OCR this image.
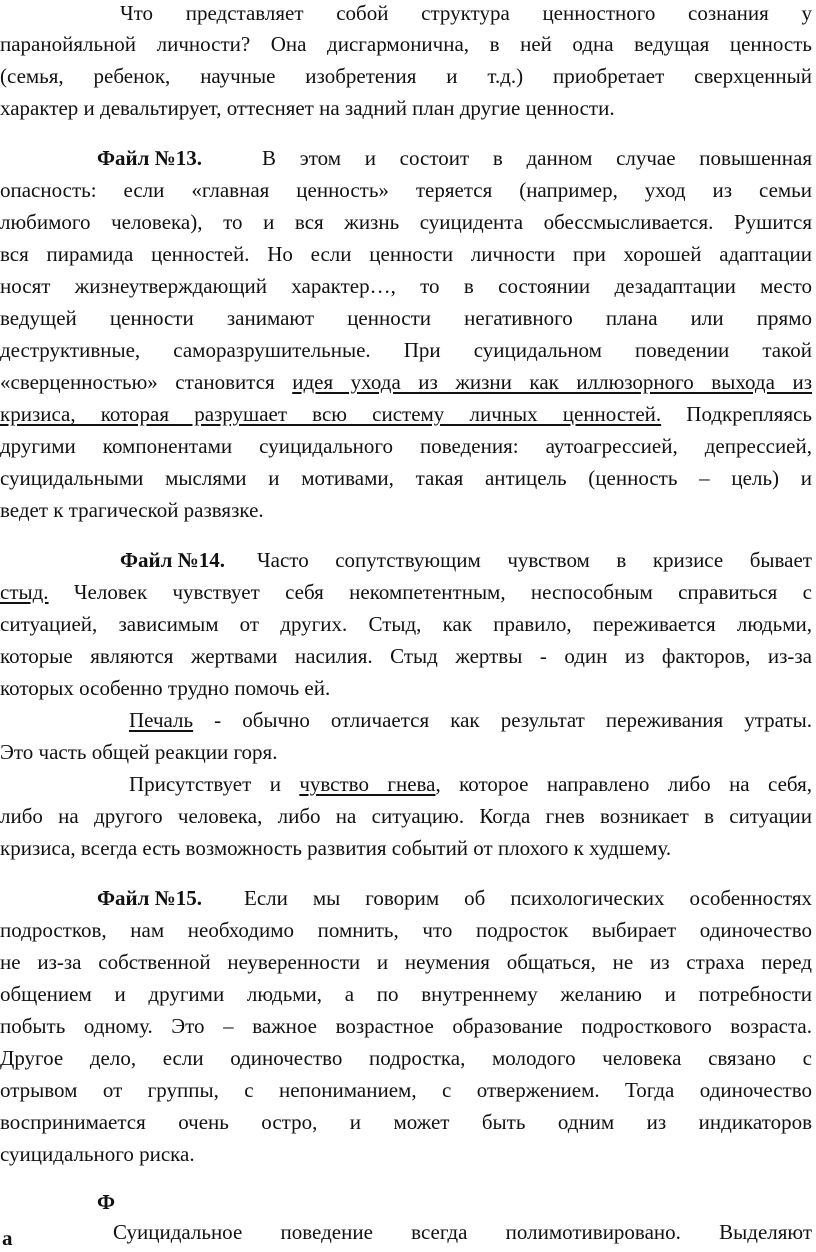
Что представляет собой структура ценностного сознания у
паранойяльной личности? Она дисгармонична, в ней одна ведущая ценность
(семья, ребенок, научные изобретения и т.д.) приобретает сверхценный
характер и девальтирует, оттесняет на задний план другие ценности.
Файл №13.	В этом и состоит в данном случае повышенная
опасность: если «главная ценность» теряется (например, уход из семьи
любимого человека), то и вся жизнь суицидента обессмысливается. Рушится
вся пирамида ценностей. Но если ценности личности при хорошей адаптации
носят жизнеутверждающий характер…, то в состоянии дезадаптации место
ведущей ценности занимают ценности негативного плана или прямо
деструктивные, саморазрушительные. При суицидальном поведении такой
«сверценностью» становится идея ухода из жизни как иллюзорного выхода из
кризиса, которая разрушает всю систему личных ценностей. Подкрепляясь
другими компонентами суицидального поведения: аутоагрессией, депрессией,
суицидальными мыслями и мотивами, такая антицель (ценность – цель) и
ведет к трагической развязке.
Файл №14. Часто сопутствующим чувством в кризисе бывает
стыд. Человек чувствует себя некомпетентным, неспособным справиться с
ситуацией, зависимым от других. Стыд, как правило, переживается людьми,
которые являются жертвами насилия. Стыд жертвы - один из факторов, из-за
которых особенно трудно помочь ей.
Печаль - обычно отличается как результат переживания утраты.
Это часть общей реакции горя.
Присутствует и чувство гнева, которое направлено либо на себя,
либо на другого человека, либо на ситуацию. Когда гнев возникает в ситуации
кризиса, всегда есть возможность развития событий от плохого к худшему.
Файл №15. Если мы говорим об психологических особенностях
подростков, нам необходимо помнить, что подросток выбирает одиночество
не из-за собственной неуверенности и неумения общаться, не из страха перед
общением и другими людьми, а по внутреннему желанию и потребности
побыть одному. Это – важное возрастное образование подросткового возраста.
Другое дело, если одиночество подростка, молодого человека связано с
отрывом от группы, с непониманием, с отвержением. Тогда одиночество
воспринимается очень остро, и может быть одним из индикаторов
суицидального риска.
Ф
а	Суицидальное поведение всегда полимотивировано. Выделяют
